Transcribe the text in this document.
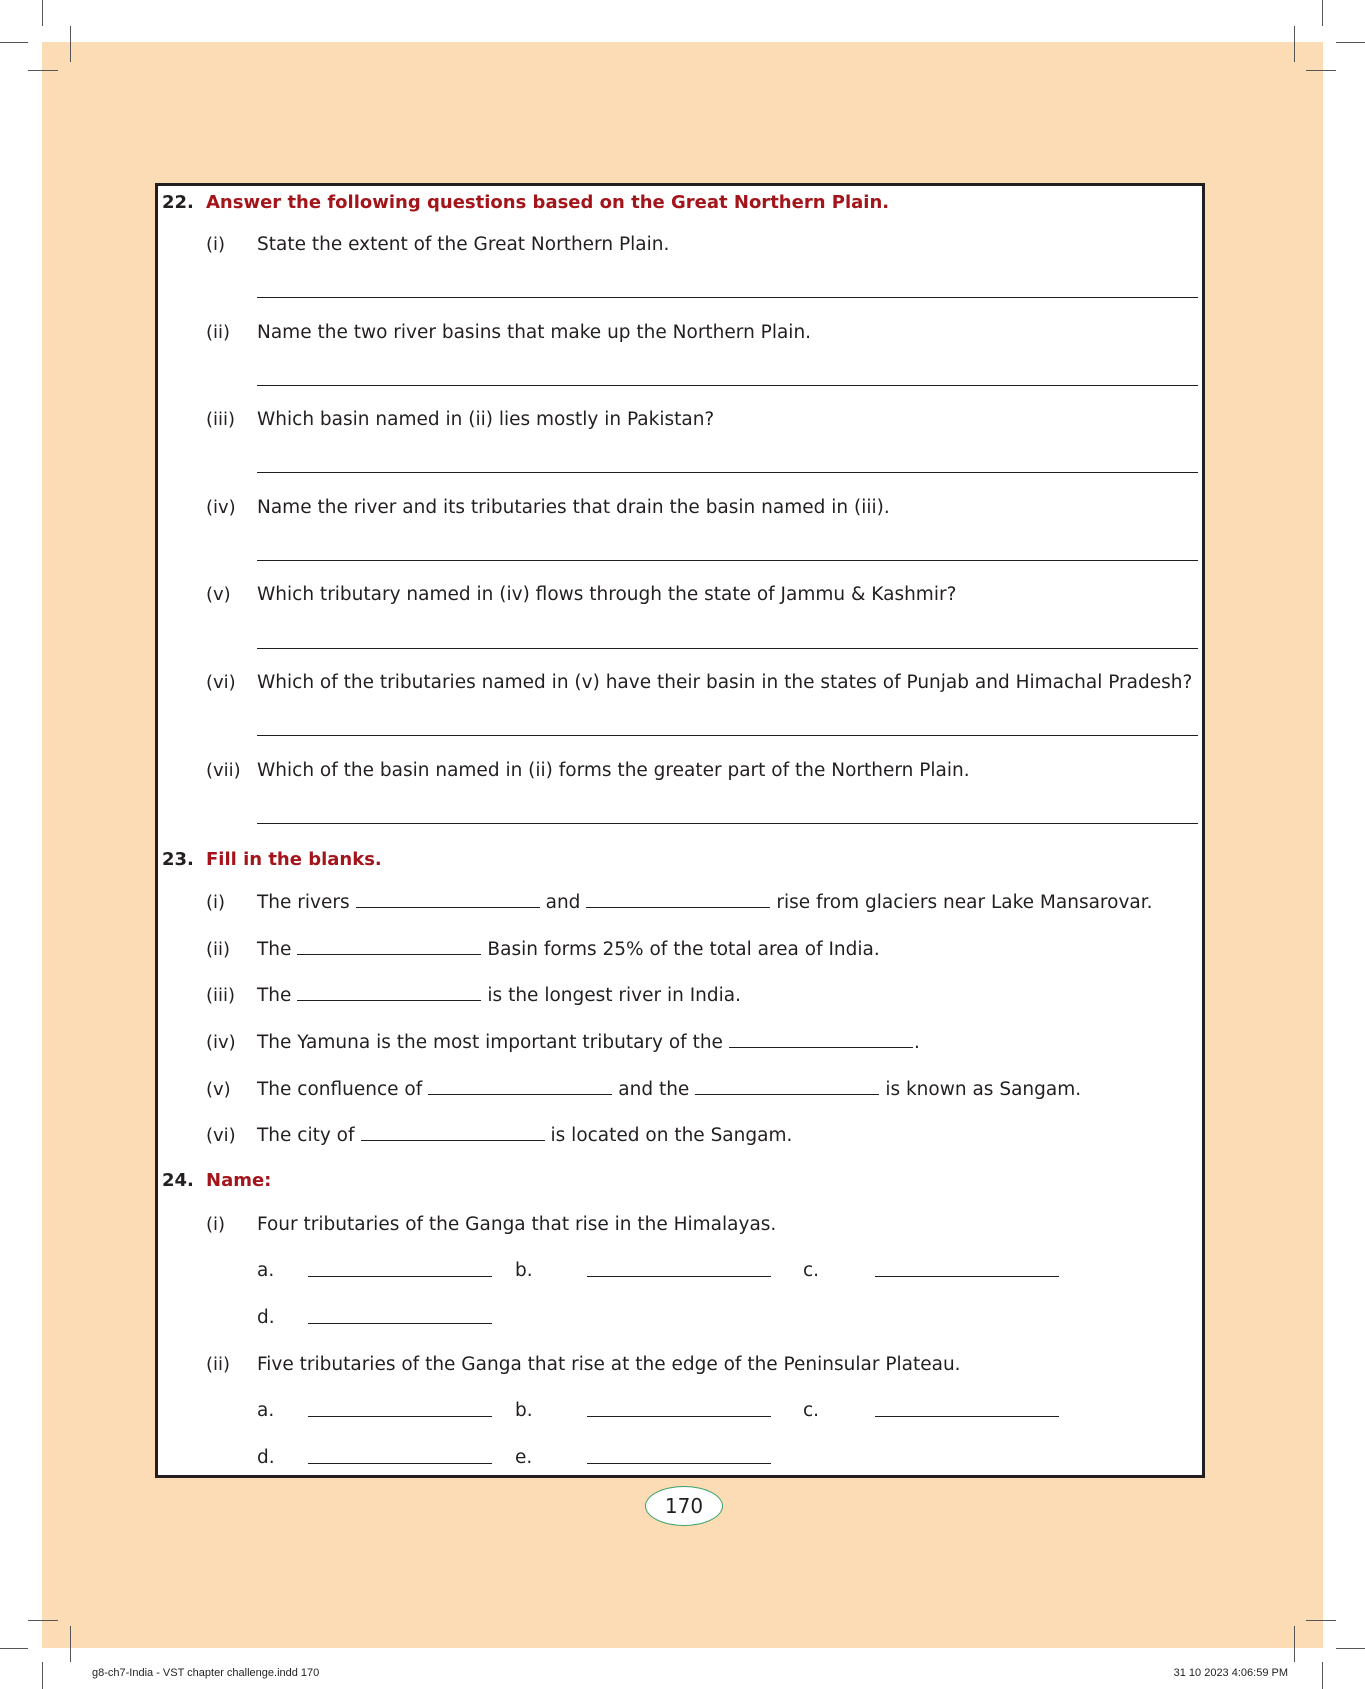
22. Answer the following questions based on the Great Northern Plain.
(i) State the extent of the Great Northern Plain.
(ii) Name the two river basins that make up the Northern Plain.
(iii) Which basin named in (ii) lies mostly in Pakistan?
(iv) Name the river and its tributaries that drain the basin named in (iii).
(v) Which tributary named in (iv) flows through the state of Jammu & Kashmir?
(vi) Which of the tributaries named in (v) have their basin in the states of Punjab and Himachal Pradesh?
(vii) Which of the basin named in (ii) forms the greater part of the Northern Plain.
23. Fill in the blanks.
(i) The rivers	and	rise from glaciers near Lake Mansarovar.
(ii) The	Basin forms 25% of the total area of India.
(iii) The	is the longest river in India.
(iv) The Yamuna is the most important tributary of the	.
(v) The confluence of	and the	is known as Sangam.
(vi) The city of	is located on the Sangam.
24. Name:
(i) Four tributaries of the Ganga that rise in the Himalayas.
a.	b.	c.
d.
(ii) Five tributaries of the Ganga that rise at the edge of the Peninsular Plateau.
a.	b.	c.
d.	e.
170
g8-ch7-India - VST chapter challenge.indd 170	31 10 2023 4:06:59 PM
